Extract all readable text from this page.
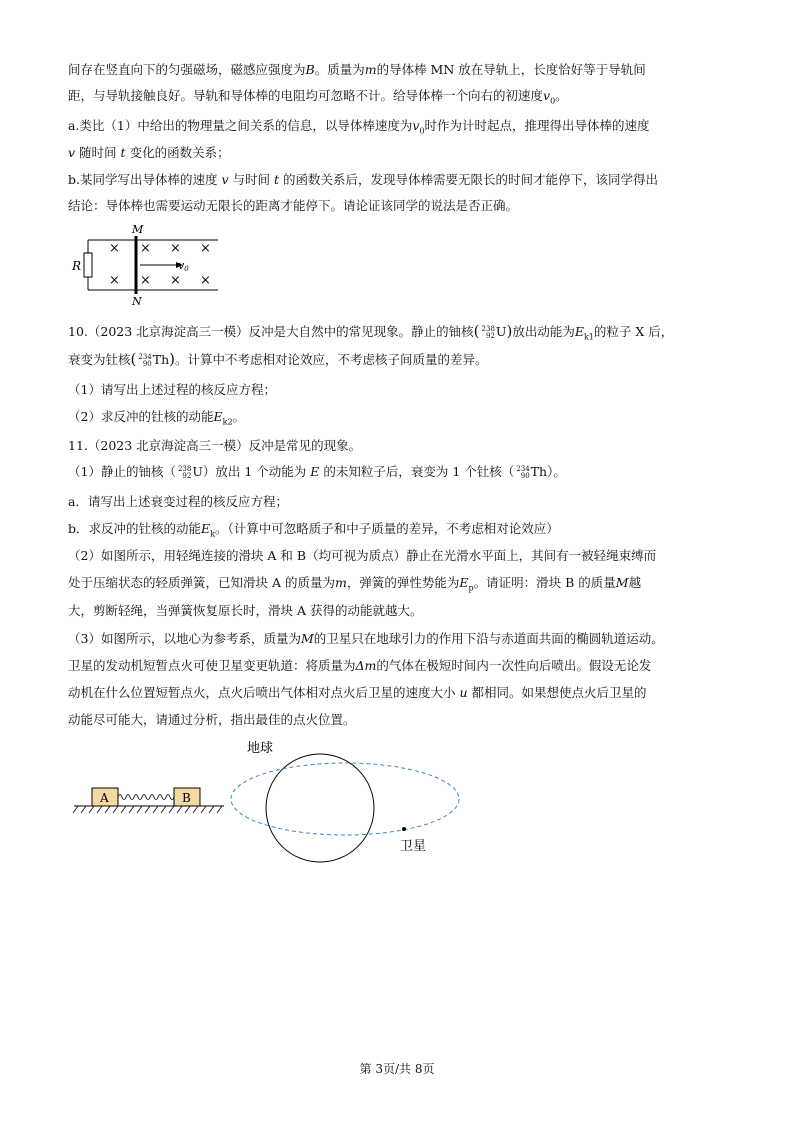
间存在竖直向下的匀强磁场，磁感应强度为B。质量为m的导体棒 MN 放在导轨上，长度恰好等于导轨间
距，与导轨接触良好。导轨和导体棒的电阻均可忽略不计。给导体棒一个向右的初速度$v_0$。
a.类比（1）中给出的物理量之间关系的信息，以导体棒速度为$v_0$时作为计时起点，推理得出导体棒的速度
v 随时间 t 变化的函数关系；
b.某同学写出导体棒的速度 v 与时间 t 的函数关系后，发现导体棒需要无限长的时间才能停下，该同学得出
结论：导体棒也需要运动无限长的距离才能停下。请论证该同学的说法是否正确。
R
M
N
×
×
× × ×
× × ×
v0
10.（2023 北京海淀高三一模）反冲是大自然中的常见现象。静止的铀核( 238
92U)放出动能为$E_{k1}$的粒子 X 后，
衰变为钍核( 234
90Th)。计算中不考虑相对论效应，不考虑核子间质量的差异。
（1）请写出上述过程的核反应方程；
（2）求反冲的钍核的动能$E_{k2}$。
11.（2023 北京海淀高三一模）反冲是常见的现象。
（1）静止的铀核（ 238
92U）放出 1 个动能为 E 的未知粒子后，衰变为 1 个钍核（ 234
90Th）。
a．请写出上述衰变过程的核反应方程；
b．求反冲的钍核的动能$E_k$。（计算中可忽略质子和中子质量的差异，不考虑相对论效应）
（2）如图所示，用轻绳连接的滑块 A 和 B（均可视为质点）静止在光滑水平面上，其间有一被轻绳束缚而
处于压缩状态的轻质弹簧，已知滑块 A 的质量为m，弹簧的弹性势能为$E_p$。请证明：滑块 B 的质量M越
大，剪断轻绳，当弹簧恢复原长时，滑块 A 获得的动能就越大。
（3）如图所示，以地心为参考系，质量为M的卫星只在地球引力的作用下沿与赤道面共面的椭圆轨道运动。
卫星的发动机短暂点火可使卫星变更轨道：将质量为Δm的气体在极短时间内一次性向后喷出。假设无论发
动机在什么位置短暂点火，点火后喷出气体相对点火后卫星的速度大小 u 都相同。如果想使点火后卫星的
动能尽可能大，请通过分析，指出最佳的点火位置。
A	B
地球
卫星
第 3页/共 8页
